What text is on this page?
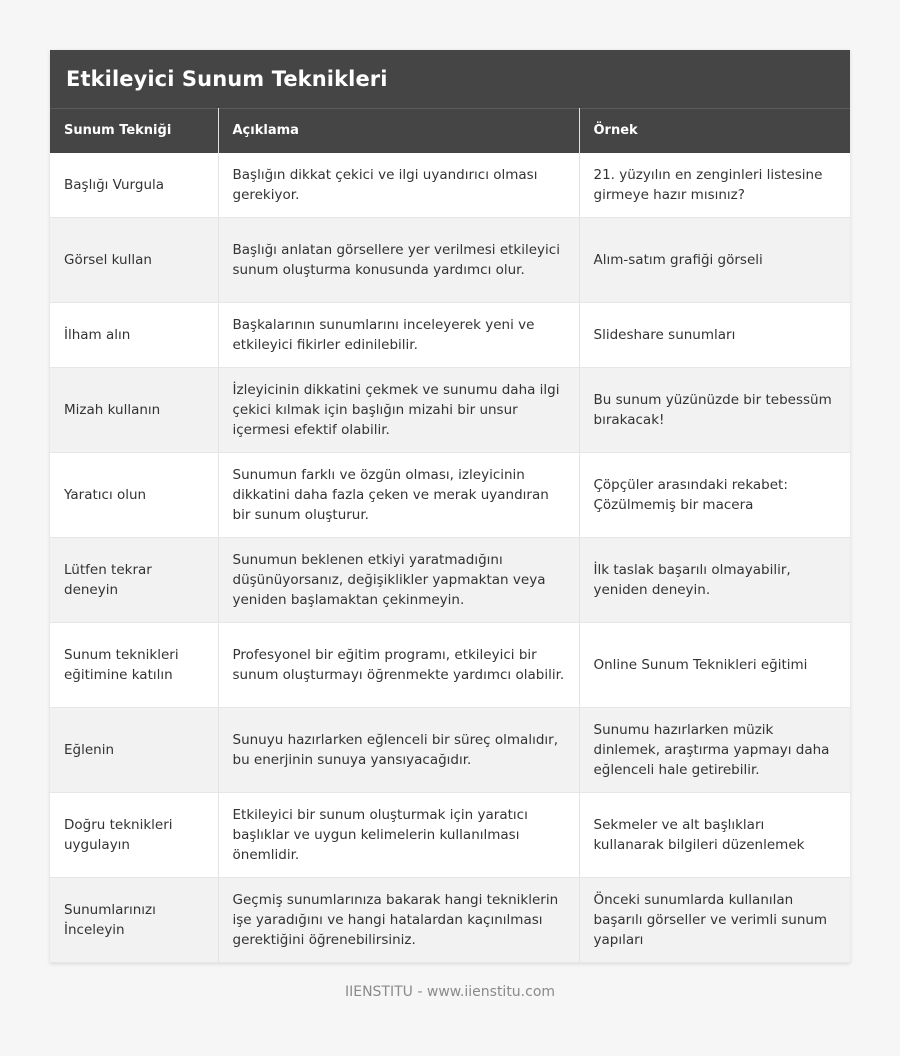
Etkileyici Sunum Teknikleri
Sunum Tekniği	Açıklama	Örnek
Başlığı Vurgula	Başlığın dikkat çekici ve ilgi uyandırıcı olması gerekiyor.	21. yüzyılın en zenginleri listesine girmeye hazır mısınız?
Görsel kullan	Başlığı anlatan görsellere yer verilmesi etkileyici sunum oluşturma konusunda yardımcı olur.	Alım-satım grafiği görseli
İlham alın	Başkalarının sunumlarını inceleyerek yeni ve etkileyici fikirler edinilebilir.	Slideshare sunumları
Mizah kullanın	İzleyicinin dikkatini çekmek ve sunumu daha ilgi çekici kılmak için başlığın mizahi bir unsur içermesi efektif olabilir.	Bu sunum yüzünüzde bir tebessüm bırakacak!
Yaratıcı olun	Sunumun farklı ve özgün olması, izleyicinin dikkatini daha fazla çeken ve merak uyandıran bir sunum oluşturur.	Çöpçüler arasındaki rekabet: Çözülmemiş bir macera
Lütfen tekrar deneyin	Sunumun beklenen etkiyi yaratmadığını düşünüyorsanız, değişiklikler yapmaktan veya yeniden başlamaktan çekinmeyin.	İlk taslak başarılı olmayabilir, yeniden deneyin.
Sunum teknikleri eğitimine katılın	Profesyonel bir eğitim programı, etkileyici bir sunum oluşturmayı öğrenmekte yardımcı olabilir.	Online Sunum Teknikleri eğitimi
Eğlenin	Sunuyu hazırlarken eğlenceli bir süreç olmalıdır, bu enerjinin sunuya yansıyacağıdır.	Sunumu hazırlarken müzik dinlemek, araştırma yapmayı daha eğlenceli hale getirebilir.
Doğru teknikleri uygulayın	Etkileyici bir sunum oluşturmak için yaratıcı başlıklar ve uygun kelimelerin kullanılması önemlidir.	Sekmeler ve alt başlıkları kullanarak bilgileri düzenlemek
Sunumlarınızı İnceleyin	Geçmiş sunumlarınıza bakarak hangi tekniklerin işe yaradığını ve hangi hatalardan kaçınılması gerektiğini öğrenebilirsiniz.	Önceki sunumlarda kullanılan başarılı görseller ve verimli sunum yapıları
IIENSTITU - www.iienstitu.com
